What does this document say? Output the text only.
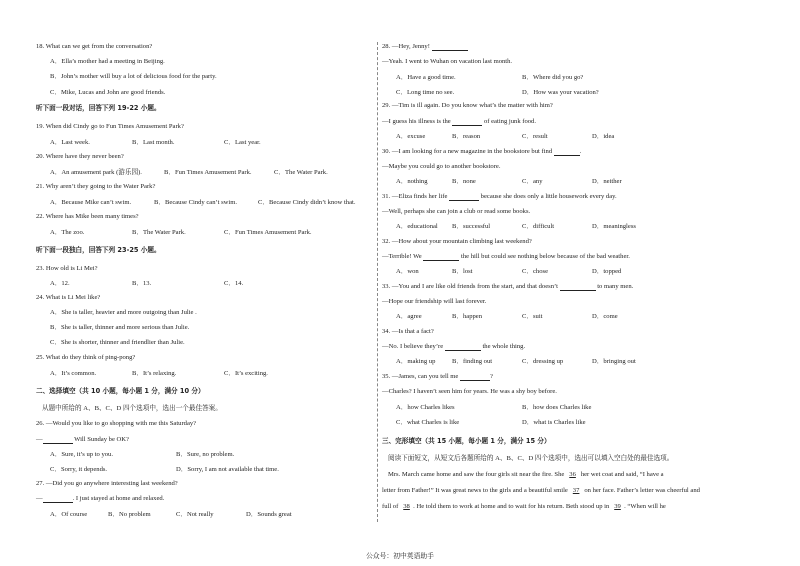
18. What can we get from the conversation?
A．Ella’s mother had a meeting in Beijing.
B．John’s mother will buy a lot of delicious food for the party.
C．Mike, Lucas and John are good friends.
听下面一段对话，回答下列 19-22 小题。
19. When did Cindy go to Fun Times Amusement Park?
20. Where have they never been?
21. Why aren’t they going to the Water Park?
22. Where has Mike been many times?
听下面一段独白，回答下列 23-25 小题。
23. How old is Li Mei?
24. What is Li Mei like?
A．She is taller, heavier and more outgoing than Julie .
B．She is taller, thinner and more serious than Julie.
C．She is shorter, thinner and friendlier than Julie.
25. What do they think of ping-pong?
二、选择填空（共 10 小题，每小题 1 分，满分 10 分）
从题中所给的 A、B、C、D 四个选项中，选出一个最佳答案。
26. —Would you like to go shopping with me this Saturday?
—	Will Sunday be OK?
27. —Did you go anywhere interesting last weekend?
—	. I just stayed at home and relaxed.
A．Last week.	B．Last month.	C．Last year.
A．An amusement park (游乐园).	B．Fun Times Amusement Park.	C．The Water Park.
A．Because Mike can’t swim.	B．Because Cindy can’t swim.	C．Because Cindy didn’t know that.
A．The zoo.	B．The Water Park.	C．Fun Times Amusement Park.
A．12.	B．13.	C．14.
A．It’s common.	B．It’s relaxing.	C．It’s exciting.
A．Sure, it’s up to you.	B．Sure, no problem.
C．Sorry, it depends.	D．Sorry, I am not available that time.
A．Of course	B．No problem	C．Not really	D．Sounds great
28. —Hey, Jenny!
—Yeah. I went to Wuhan on vacation last month.
29. —Tim is ill again. Do you know what’s the matter with him?
—I guess his illness is the	of eating junk food.
30. —I am looking for a new magazine in the bookstore but find	.
—Maybe you could go to another bookstore.
31. —Eliza finds her life	because she does only a little housework every day.
—Well, perhaps she can join a club or read some books.
32. —How about your mountain climbing last weekend?
—Terrible! We	the hill but could see nothing below because of the bad weather.
33. —You and I are like old friends from the start, and that doesn’t	to many men.
—Hope our friendship will last forever.
34. —Is that a fact?
—No. I believe they’re	the whole thing.
35. —James, can you tell me	?
—Charles? I haven’t seen him for years. He was a shy boy before.
三、完形填空（共 15 小题，每小题 1 分，满分 15 分）
阅读下面短文，从短文后各题所给的 A、B、C、D 四个选项中，选出可以填入空白处的最佳选项。
Mrs. March came home and saw the four girls sit near the fire. She   36   her wet coat and said, “I have a
letter from Father!” It was great news to the girls and a beautiful smile   37   on her face. Father’s letter was cheerful and
full of   38 . He told them to work at home and to wait for his return. Beth stood up in   39 . “When will he
A．Have a good time.	B．Where did you go?
C．Long time no see.	D．How was your vacation?
A．excuse	B．reason	C．result	D．idea
A．nothing	B．none	C．any	D．neither
A．educational B．successful	C．difficult	D．meaningless
A．won	B．lost	C．chose	D．topped
A．agree	B．happen	C．suit	D．come
A．making up	B．finding out	C．dressing up	D．bringing out
A．how Charles likes	B．how does Charles like
C．what Charles is like	D．what is Charles like
公众号：初中英语助手
